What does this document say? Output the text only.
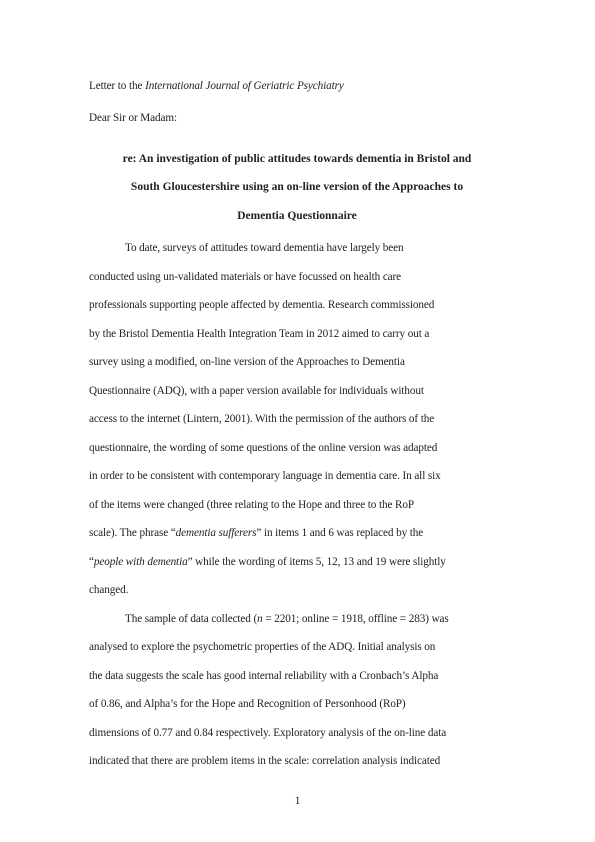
Letter to the International Journal of Geriatric Psychiatry
Dear Sir or Madam:
re: An investigation of public attitudes towards dementia in Bristol and
South Gloucestershire using an on-line version of the Approaches to
Dementia Questionnaire
To date, surveys of attitudes toward dementia have largely been
conducted using un-validated materials or have focussed on health care
professionals supporting people affected by dementia. Research commissioned
by the Bristol Dementia Health Integration Team in 2012 aimed to carry out a
survey using a modified, on-line version of the Approaches to Dementia
Questionnaire (ADQ), with a paper version available for individuals without
access to the internet (Lintern, 2001). With the permission of the authors of the
questionnaire, the wording of some questions of the online version was adapted
in order to be consistent with contemporary language in dementia care. In all six
of the items were changed (three relating to the Hope and three to the RoP
scale). The phrase “dementia sufferers” in items 1 and 6 was replaced by the
“people with dementia” while the wording of items 5, 12, 13 and 19 were slightly
changed.
The sample of data collected (n = 2201; online = 1918, offline = 283) was
analysed to explore the psychometric properties of the ADQ. Initial analysis on
the data suggests the scale has good internal reliability with a Cronbach’s Alpha
of 0.86, and Alpha’s for the Hope and Recognition of Personhood (RoP)
dimensions of 0.77 and 0.84 respectively. Exploratory analysis of the on-line data
indicated that there are problem items in the scale: correlation analysis indicated
1
